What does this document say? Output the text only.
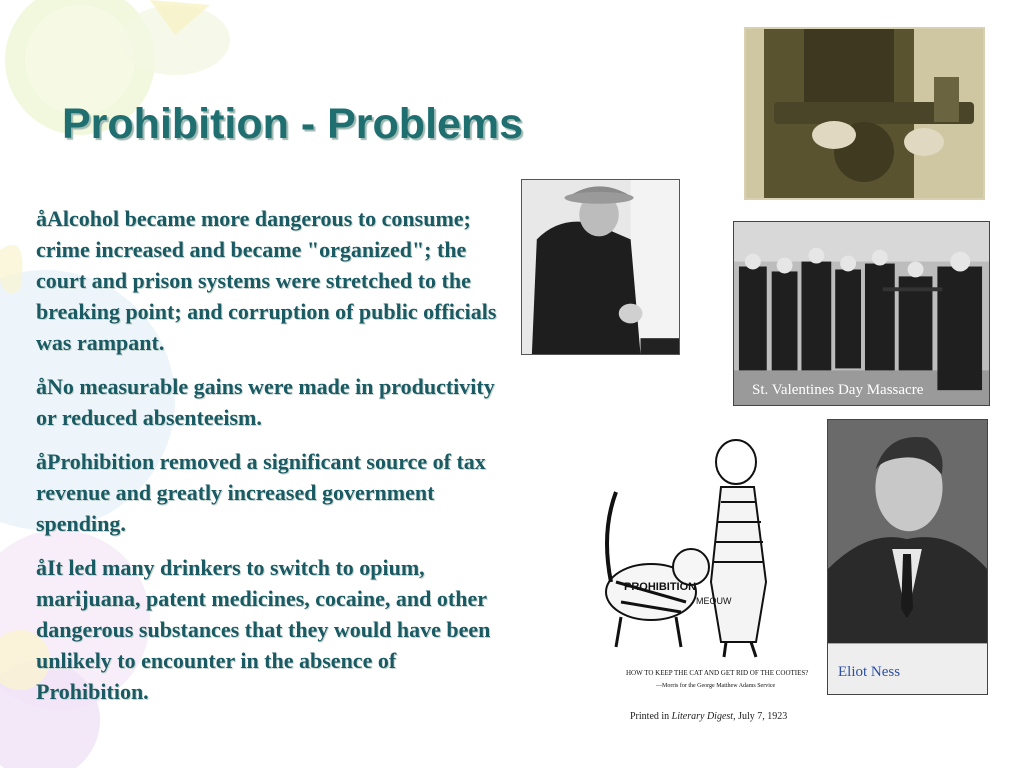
Prohibition - Problems
åAlcohol became more dangerous to consume; crime increased and became "organized"; the court and prison systems were stretched to the breaking point; and corruption of public officials was rampant.
åNo measurable gains were made in productivity or reduced absenteeism.
åProhibition removed a significant source of tax revenue and greatly increased government spending.
åIt led many drinkers to switch to opium, marijuana, patent medicines, cocaine, and other dangerous substances that they would have been unlikely to encounter in the absence of Prohibition.
St. Valentines Day Massacre
PROHIBITION
MEOUW
HOW TO KEEP THE CAT AND GET RID OF THE COOTIES?
—Morris for the George Matthew Adams Service
Printed in Literary Digest, July 7, 1923
Eliot Ness
